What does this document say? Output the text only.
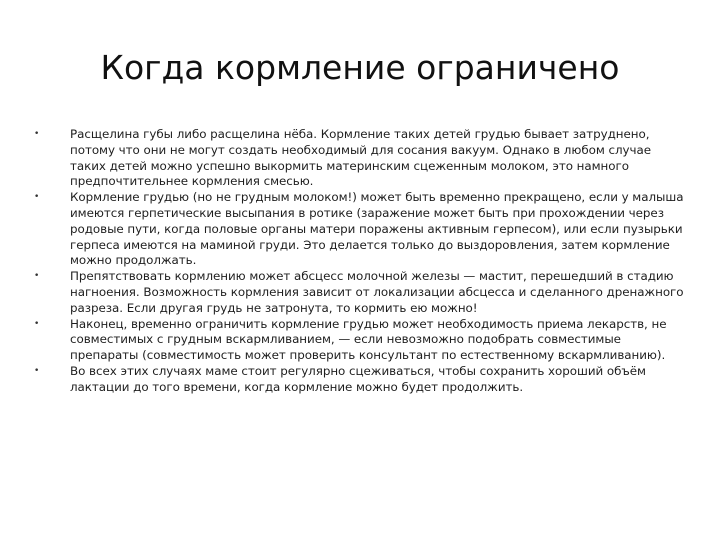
Когда кормление ограничено
•	Расщелина губы либо расщелина нёба. Кормление таких детей грудью бывает затруднено, потому что они не могут создать необходимый для сосания вакуум. Однако в любом случае таких детей можно успешно выкормить материнским сцеженным молоком, это намного предпочтительнее кормления смесью.
•	Кормление грудью (но не грудным молоком!) может быть временно прекращено, если у малыша имеются герпетические высыпания в ротике (заражение может быть при прохождении через родовые пути, когда половые органы матери поражены активным герпесом), или если пузырьки герпеса имеются на маминой груди. Это делается только до выздоровления, затем кормление можно продолжать.
•	Препятствовать кормлению может абсцесс молочной железы — мастит, перешедший в стадию нагноения. Возможность кормления зависит от локализации абсцесса и сделанного дренажного разреза. Если другая грудь не затронута, то кормить ею можно!
•	Наконец, временно ограничить кормление грудью может необходимость приема лекарств, не совместимых с грудным вскармливанием, — если невозможно подобрать совместимые препараты (совместимость может проверить консультант по естественному вскармливанию).
•	Во всех этих случаях маме стоит регулярно сцеживаться, чтобы сохранить хороший объём лактации до того времени, когда кормление можно будет продолжить.
